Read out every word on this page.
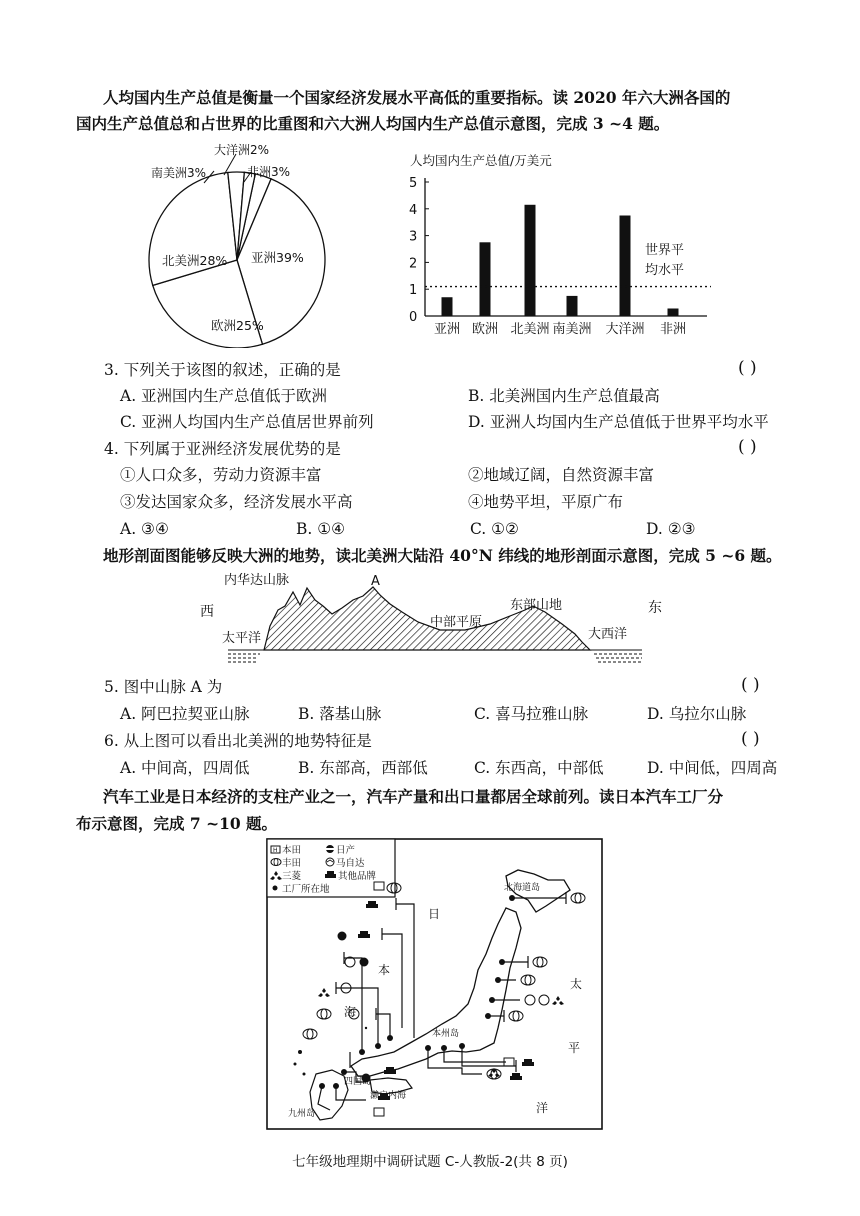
人均国内生产总值是衡量一个国家经济发展水平高低的重要指标。读 2020 年六大洲各国的
国内生产总值总和占世界的比重图和六大洲人均国内生产总值示意图，完成 3 ~4 题。
南美洲3%
大洋洲2%
非洲3%
北美洲28% 亚洲39%
欧洲25%
人均国内生产总值/万美元
0
1
2
3
4
5
亚洲 欧洲 北美洲 南美洲 大洋洲 非洲
世界平
均水平
3. 下列关于该图的叙述，正确的是	( )
A. 亚洲国内生产总值低于欧洲	B. 北美洲国内生产总值最高
C. 亚洲人均国内生产总值居世界前列	D. 亚洲人均国内生产总值低于世界平均水平
4. 下列属于亚洲经济发展优势的是	( )
①人口众多，劳动力资源丰富	②地域辽阔，自然资源丰富
③发达国家众多，经济发展水平高	④地势平坦，平原广布
A. ③④	B. ①④	C. ①②	D. ②③
地形剖面图能够反映大洲的地势，读北美洲大陆沿 40°N 纬线的地形剖面示意图，完成 5 ~6 题。
西	东
内华达山脉	A
中部平原
东部山地
太平洋	大西洋
5. 图中山脉 A 为	( )
A. 阿巴拉契亚山脉	B. 落基山脉	C. 喜马拉雅山脉	D. 乌拉尔山脉
6. 从上图可以看出北美洲的地势特征是	( )
A. 中间高，四周低	B. 东部高，西部低	C. 东西高，中部低	D. 中间低，四周高
汽车工业是日本经济的支柱产业之一，汽车产量和出口量都居全球前列。读日本汽车工厂分
布示意图，完成 7 ~10 题。
H 本田	日产
丰田	马自达
三菱	其他品牌
工厂所在地
日
本
海
太
平
洋
北海道岛
本州岛
四国岛
九州岛
濑户内海
七年级地理期中调研试题 C-人教版-2(共 8 页)
